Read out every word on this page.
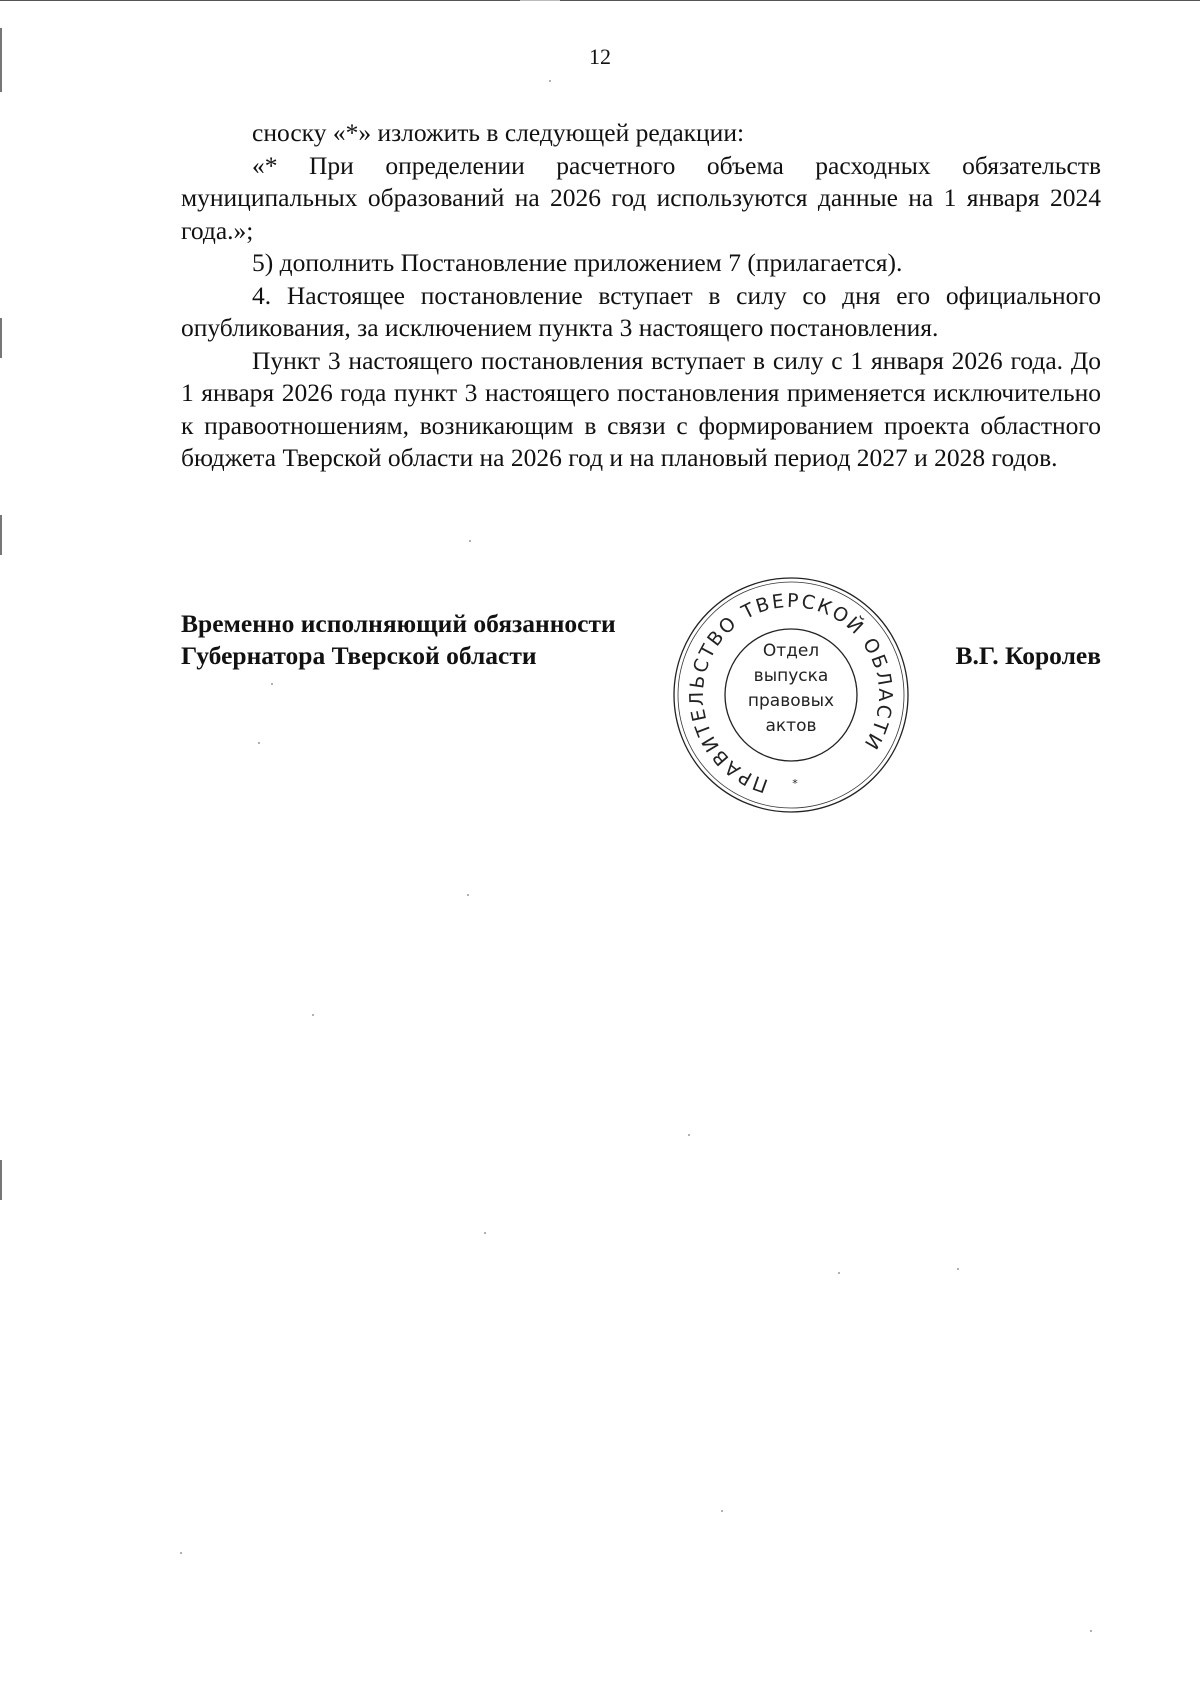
12

сноску «*» изложить в следующей редакции:

«* При определении расчетного объема расходных обязательств муниципальных образований на 2026 год используются данные на 1 января 2024 года.»;

5) дополнить Постановление приложением 7 (прилагается).

4. Настоящее постановление вступает в силу со дня его официального опубликования, за исключением пункта 3 настоящего постановления.

Пункт 3 настоящего постановления вступает в силу с 1 января 2026 года. До 1 января 2026 года пункт 3 настоящего постановления применяется исключительно к правоотношениям, возникающим в связи с формированием проекта областного бюджета Тверской области на 2026 год и на плановый период 2027 и 2028 годов.

Временно исполняющий обязанности
Губернатора Тверской области	В.Г. Королев
ПРАВИТЕЛЬСТВО ТВЕРСКОЙ ОБЛАСТИ
Отдел
выпуска
правовых
актов
*
